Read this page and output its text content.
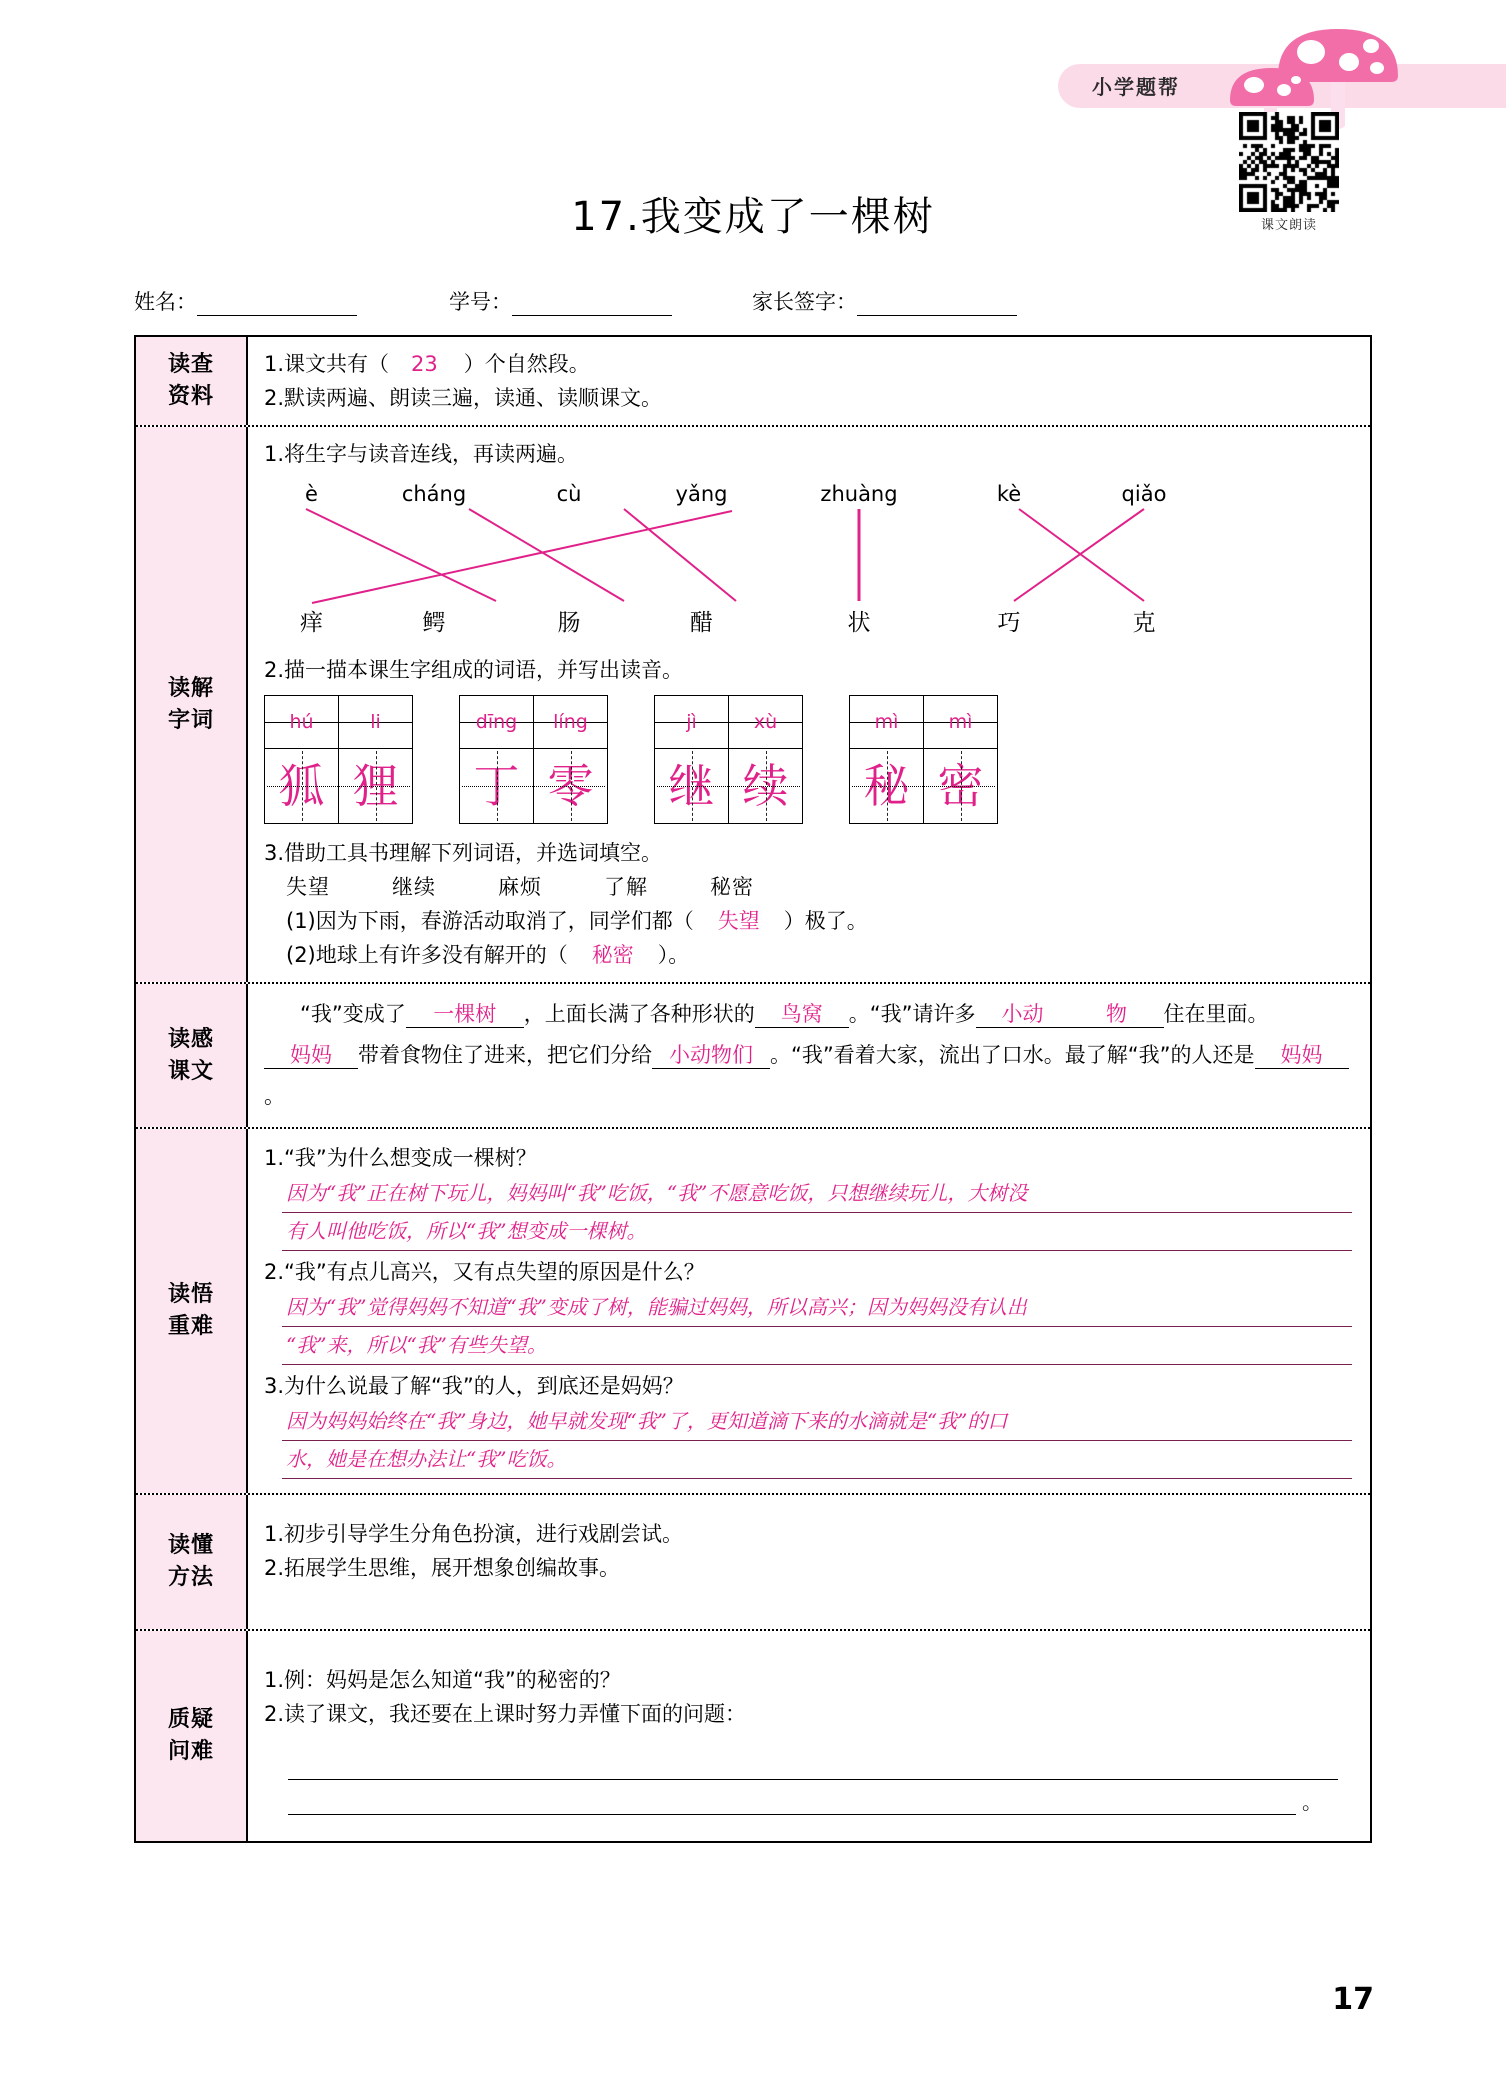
小学题帮
课文朗读
17.我变成了一棵树
姓名：	学号：	家长签字：
读查
资料
1.课文共有（ 23 ）个自然段。
2.默读两遍、朗读三遍，读通、读顺课文。
读解
字词
1.将生字与读音连线，再读两遍。
è	cháng	cù	yǎng	zhuàng	kè	qiǎo
痒	鳄	肠	醋	状	巧	克
2.描一描本课生字组成的词语，并写出读音。
hú	li
狐 狸
dīng	líng
丁 零
jì	xù
继 续
mì	mì
秘 密
3.借助工具书理解下列词语，并选词填空。
失望	继续	麻烦	了解	秘密
(1)因为下雨，春游活动取消了，同学们都（ 失望 ）极了。
(2)地球上有许多没有解开的（ 秘密 ）。
读感
课文
“我”变成了 一棵树 ，上面长满了各种形状的 鸟窝 。“我”请许多 小动	物 住在里面。妈妈 带着食物住了进来，把它们分给 小动物们 。“我”看着大家，流出了口水。最了解“我”的人还是 妈妈。
读悟
重难
1.“我”为什么想变成一棵树？
因为“我”正在树下玩儿，妈妈叫“我”吃饭，“我”不愿意吃饭，只想继续玩儿，大树没
有人叫他吃饭，所以“我”想变成一棵树。
2.“我”有点儿高兴，又有点失望的原因是什么？
因为“我”觉得妈妈不知道“我”变成了树，能骗过妈妈，所以高兴；因为妈妈没有认出
“我”来，所以“我”有些失望。
3.为什么说最了解“我”的人，到底还是妈妈？
因为妈妈始终在“我”身边，她早就发现“我”了，更知道滴下来的水滴就是“我”的口
水，她是在想办法让“我”吃饭。
读懂
方法
1.初步引导学生分角色扮演，进行戏剧尝试。
2.拓展学生思维，展开想象创编故事。
质疑
问难
1.例：妈妈是怎么知道“我”的秘密的？
2.读了课文，我还要在上课时努力弄懂下面的问题：
。
17
